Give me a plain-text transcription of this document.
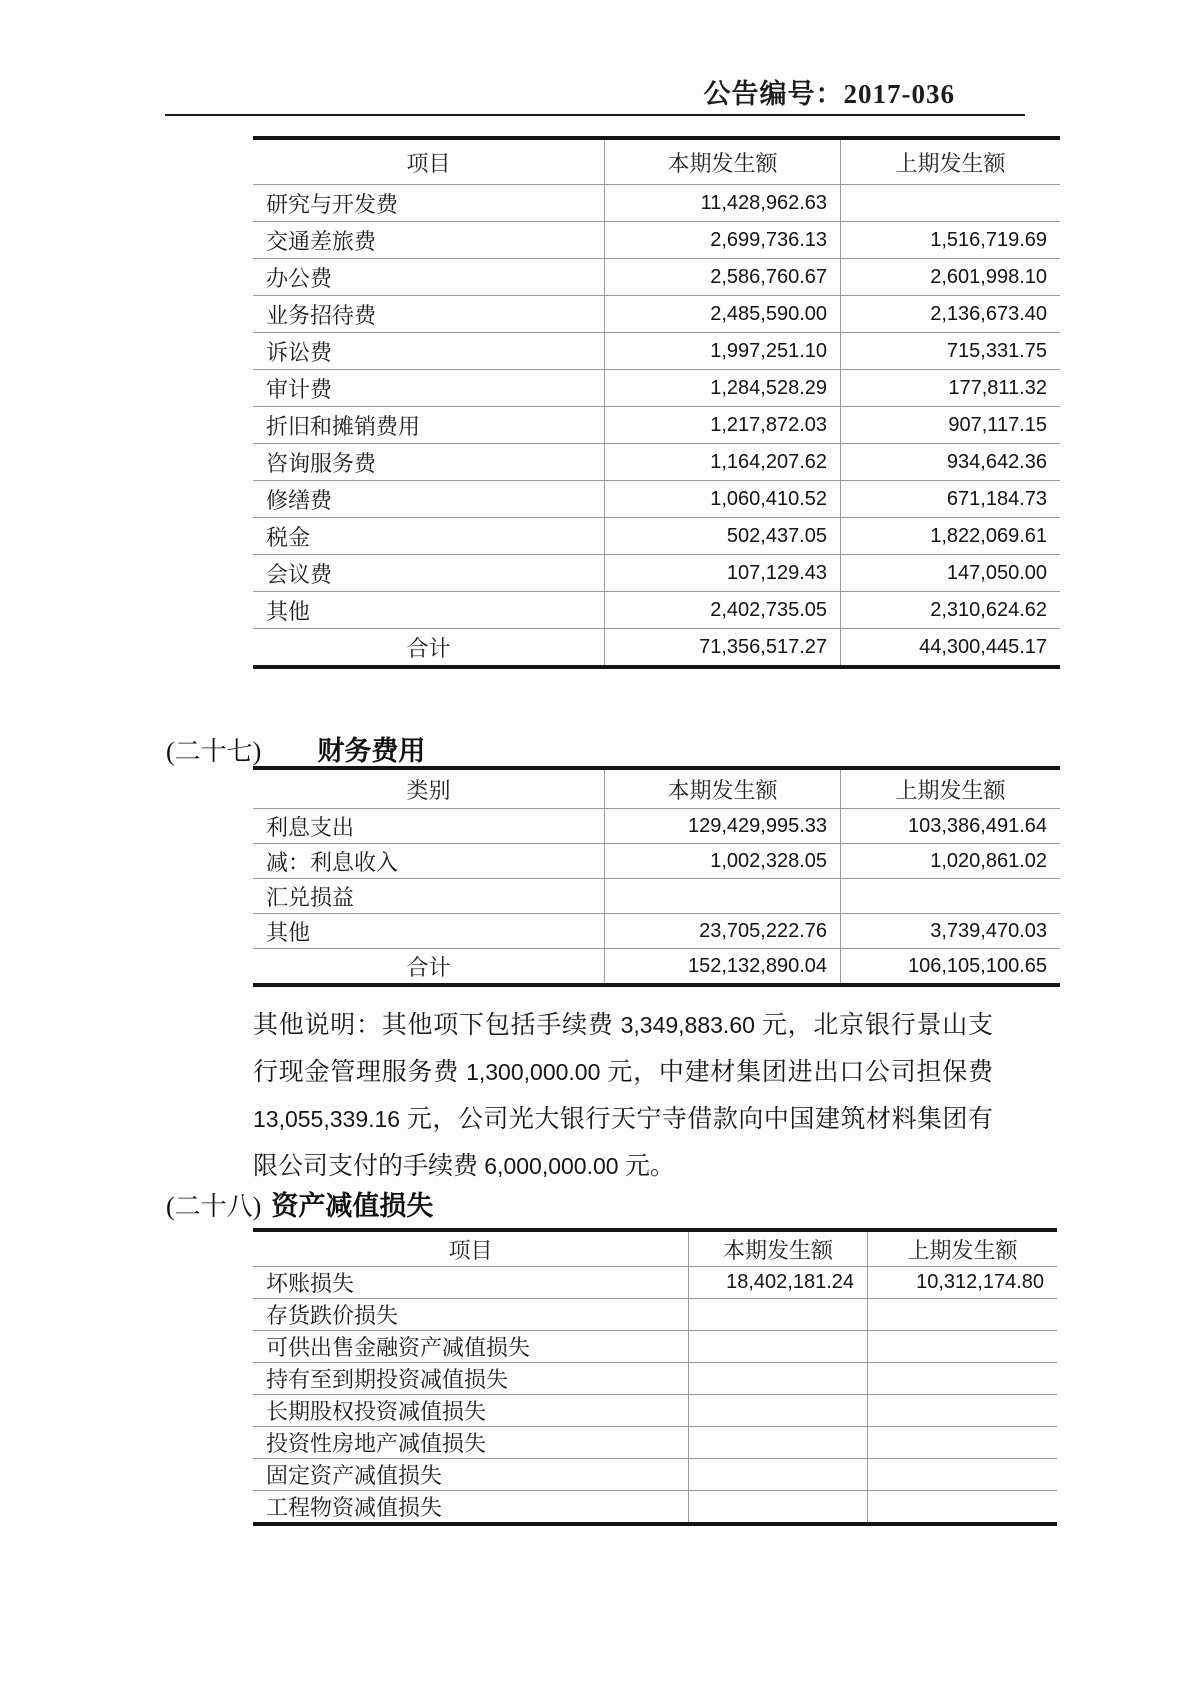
公告编号：2017-036
项目	本期发生额	上期发生额
研究与开发费	11,428,962.63
交通差旅费	2,699,736.13	1,516,719.69
办公费	2,586,760.67	2,601,998.10
业务招待费	2,485,590.00	2,136,673.40
诉讼费	1,997,251.10	715,331.75
审计费	1,284,528.29	177,811.32
折旧和摊销费用	1,217,872.03	907,117.15
咨询服务费	1,164,207.62	934,642.36
修缮费	1,060,410.52	671,184.73
税金	502,437.05	1,822,069.61
会议费	107,129.43	147,050.00
其他	2,402,735.05	2,310,624.62
合计	71,356,517.27	44,300,445.17
(二十七) 财务费用
类别	本期发生额	上期发生额
利息支出	129,429,995.33	103,386,491.64
减：利息收入	1,002,328.05	1,020,861.02
汇兑损益
其他	23,705,222.76	3,739,470.03
合计	152,132,890.04	106,105,100.65

其他说明：其他项下包括手续费 3,349,883.60 元，北京银行景山支行现金管理服务费 1,300,000.00 元，中建材集团进出口公司担保费 13,055,339.16 元，公司光大银行天宁寺借款向中国建筑材料集团有限公司支付的手续费 6,000,000.00 元。

(二十八) 资产减值损失
项目	本期发生额	上期发生额
坏账损失	18,402,181.24	10,312,174.80
存货跌价损失
可供出售金融资产减值损失
持有至到期投资减值损失
长期股权投资减值损失
投资性房地产减值损失
固定资产减值损失
工程物资减值损失
